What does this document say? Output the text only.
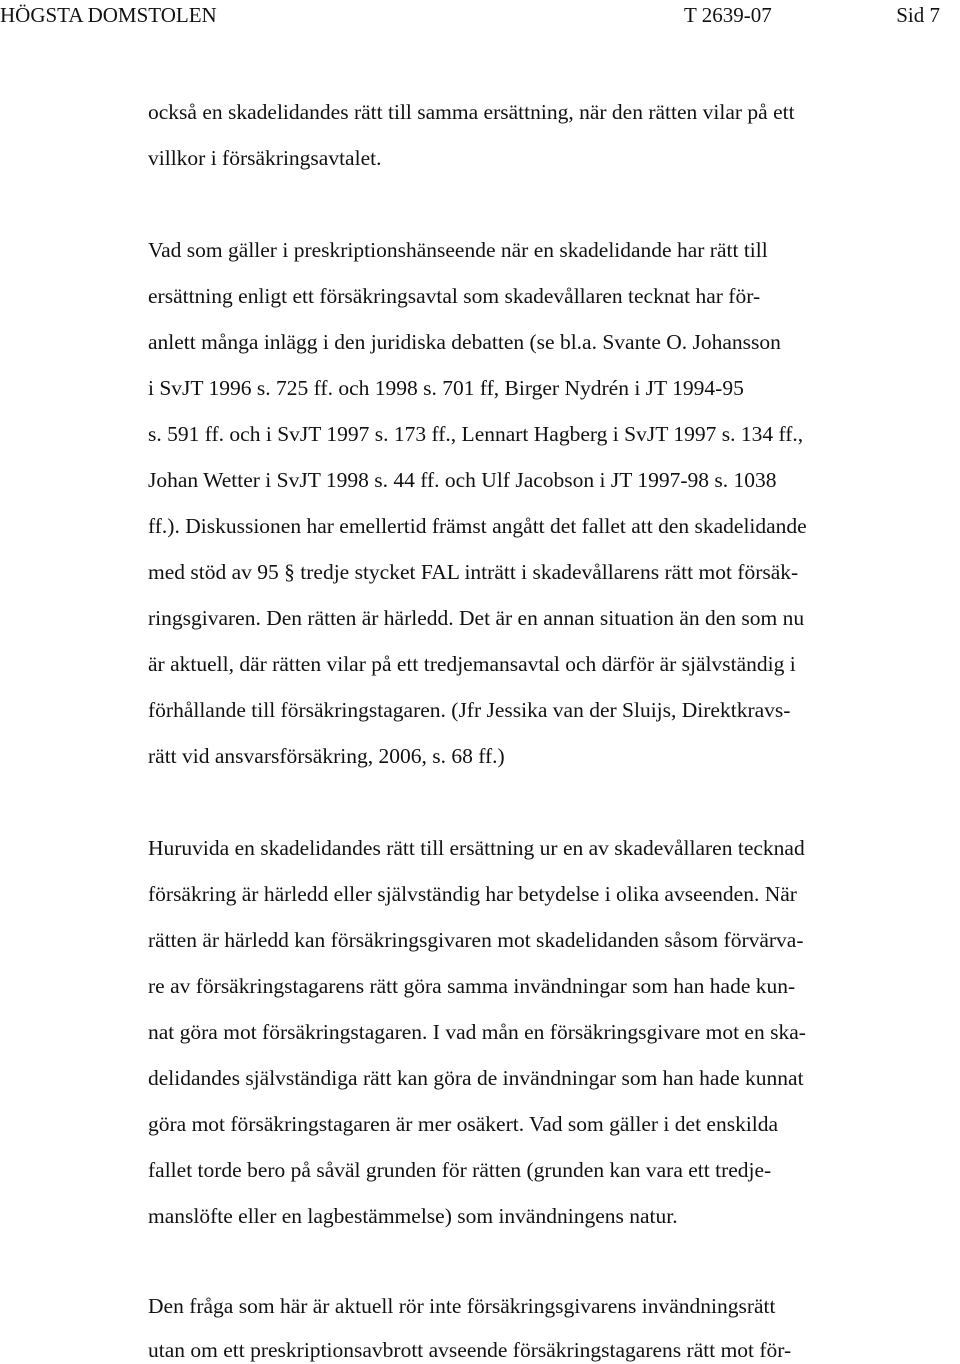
HÖGSTA DOMSTOLEN	T 2639-07	Sid 7
också en skadelidandes rätt till samma ersättning, när den rätten vilar på ett
villkor i försäkringsavtalet.
Vad som gäller i preskriptionshänseende när en skadelidande har rätt till
ersättning enligt ett försäkringsavtal som skadevållaren tecknat har för-
anlett många inlägg i den juridiska debatten (se bl.a. Svante O. Johansson
i SvJT 1996 s. 725 ff. och 1998 s. 701 ff, Birger Nydrén i JT 1994-95
s. 591 ff. och i SvJT 1997 s. 173 ff., Lennart Hagberg i SvJT 1997 s. 134 ff.,
Johan Wetter i SvJT 1998 s. 44 ff. och Ulf Jacobson i JT 1997-98 s. 1038
ff.). Diskussionen har emellertid främst angått det fallet att den skadelidande
med stöd av 95 § tredje stycket FAL inträtt i skadevållarens rätt mot försäk-
ringsgivaren. Den rätten är härledd. Det är en annan situation än den som nu
är aktuell, där rätten vilar på ett tredjemansavtal och därför är självständig i
förhållande till försäkringstagaren. (Jfr Jessika van der Sluijs, Direktkravs-
rätt vid ansvarsförsäkring, 2006, s. 68 ff.)
Huruvida en skadelidandes rätt till ersättning ur en av skadevållaren tecknad
försäkring är härledd eller självständig har betydelse i olika avseenden. När
rätten är härledd kan försäkringsgivaren mot skadelidanden såsom förvärva-
re av försäkringstagarens rätt göra samma invändningar som han hade kun-
nat göra mot försäkringstagaren. I vad mån en försäkringsgivare mot en ska-
delidandes självständiga rätt kan göra de invändningar som han hade kunnat
göra mot försäkringstagaren är mer osäkert. Vad som gäller i det enskilda
fallet torde bero på såväl grunden för rätten (grunden kan vara ett tredje-
manslöfte eller en lagbestämmelse) som invändningens natur.
Den fråga som här är aktuell rör inte försäkringsgivarens invändningsrätt
utan om ett preskriptionsavbrott avseende försäkringstagarens rätt mot för-
